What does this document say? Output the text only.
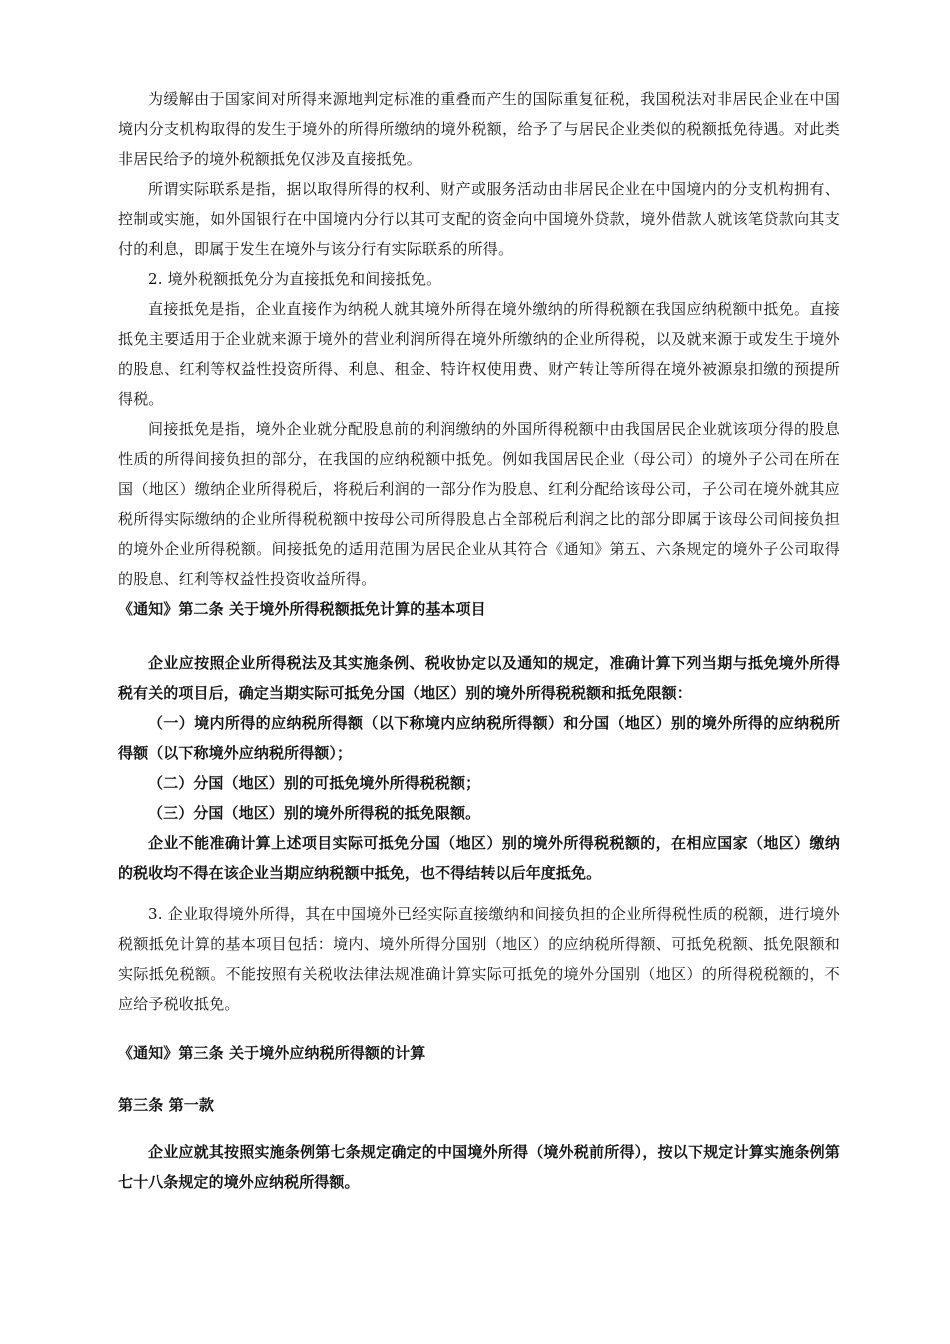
为缓解由于国家间对所得来源地判定标准的重叠而产生的国际重复征税，我国税法对非居民企业在中国境内分支机构取得的发生于境外的所得所缴纳的境外税额，给予了与居民企业类似的税额抵免待遇。对此类非居民给予的境外税额抵免仅涉及直接抵免。

所谓实际联系是指，据以取得所得的权利、财产或服务活动由非居民企业在中国境内的分支机构拥有、控制或实施，如外国银行在中国境内分行以其可支配的资金向中国境外贷款，境外借款人就该笔贷款向其支付的利息，即属于发生在境外与该分行有实际联系的所得。

2. 境外税额抵免分为直接抵免和间接抵免。

直接抵免是指，企业直接作为纳税人就其境外所得在境外缴纳的所得税额在我国应纳税额中抵免。直接抵免主要适用于企业就来源于境外的营业利润所得在境外所缴纳的企业所得税，以及就来源于或发生于境外的股息、红利等权益性投资所得、利息、租金、特许权使用费、财产转让等所得在境外被源泉扣缴的预提所得税。

间接抵免是指，境外企业就分配股息前的利润缴纳的外国所得税额中由我国居民企业就该项分得的股息性质的所得间接负担的部分，在我国的应纳税额中抵免。例如我国居民企业（母公司）的境外子公司在所在国（地区）缴纳企业所得税后，将税后利润的一部分作为股息、红利分配给该母公司，子公司在境外就其应税所得实际缴纳的企业所得税税额中按母公司所得股息占全部税后利润之比的部分即属于该母公司间接负担的境外企业所得税额。间接抵免的适用范围为居民企业从其符合《通知》第五、六条规定的境外子公司取得的股息、红利等权益性投资收益所得。

《通知》第二条 关于境外所得税额抵免计算的基本项目

企业应按照企业所得税法及其实施条例、税收协定以及通知的规定，准确计算下列当期与抵免境外所得税有关的项目后，确定当期实际可抵免分国（地区）别的境外所得税税额和抵免限额：

（一）境内所得的应纳税所得额（以下称境内应纳税所得额）和分国（地区）别的境外所得的应纳税所得额（以下称境外应纳税所得额）；

（二）分国（地区）别的可抵免境外所得税税额；

（三）分国（地区）别的境外所得税的抵免限额。

企业不能准确计算上述项目实际可抵免分国（地区）别的境外所得税税额的，在相应国家（地区）缴纳的税收均不得在该企业当期应纳税额中抵免，也不得结转以后年度抵免。

3. 企业取得境外所得，其在中国境外已经实际直接缴纳和间接负担的企业所得税性质的税额，进行境外税额抵免计算的基本项目包括：境内、境外所得分国别（地区）的应纳税所得额、可抵免税额、抵免限额和实际抵免税额。不能按照有关税收法律法规准确计算实际可抵免的境外分国别（地区）的所得税税额的，不应给予税收抵免。

《通知》第三条 关于境外应纳税所得额的计算

第三条 第一款

企业应就其按照实施条例第七条规定确定的中国境外所得（境外税前所得），按以下规定计算实施条例第七十八条规定的境外应纳税所得额。
